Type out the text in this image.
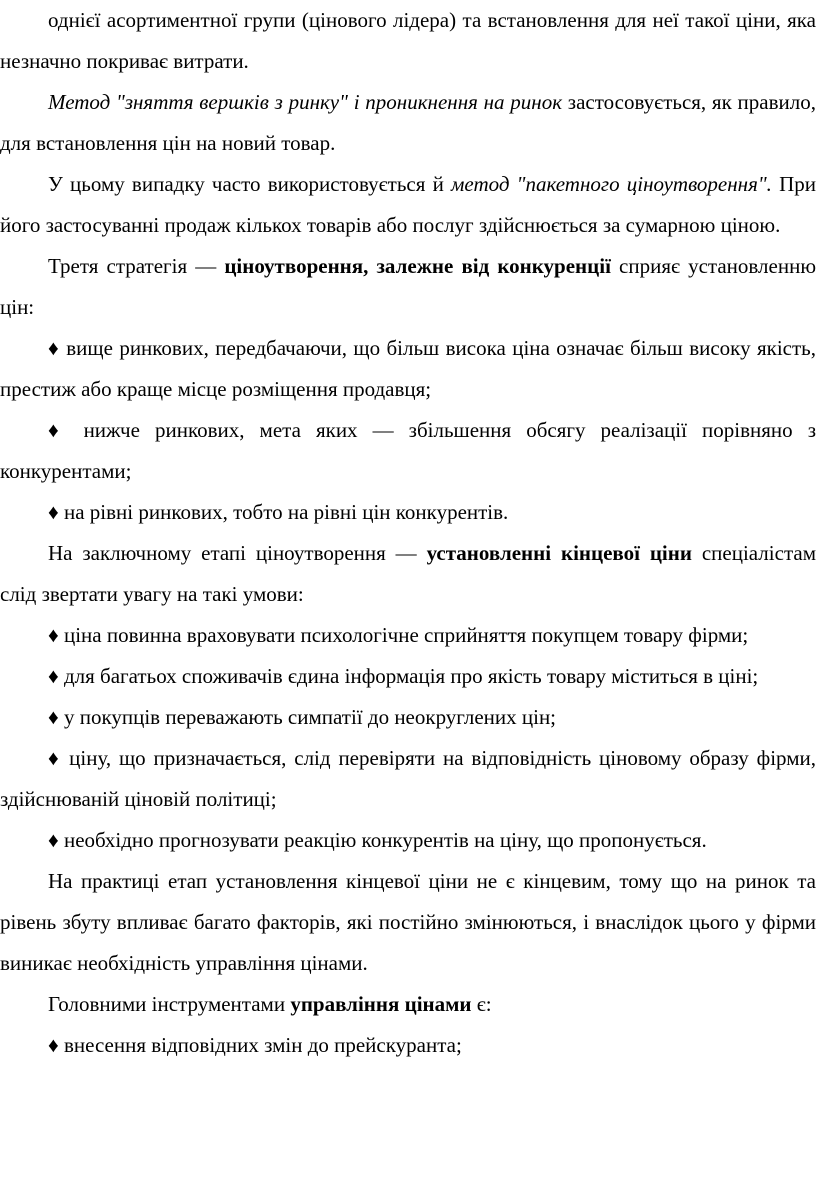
однієї асортиментної групи (цінового лідера) та встановлення для неї такої ціни, яка незначно покриває витрати.

Метод "зняття вершків з ринку" і проникнення на ринок застосовується, як правило, для встановлення цін на новий товар.

У цьому випадку часто використовується й метод "пакетного ціноутворення". При його застосуванні продаж кількох товарів або послуг здійснюється за сумарною ціною.

Третя стратегія — ціноутворення, залежне від конкуренції сприяє установленню цін:

♦ вище ринкових, передбачаючи, що більш висока ціна означає більш високу якість, престиж або краще місце розміщення продавця;

♦ нижче ринкових, мета яких — збільшення обсягу реалізації порівняно з конкурентами;

♦ на рівні ринкових, тобто на рівні цін конкурентів.

На заключному етапі ціноутворення — установленні кінцевої ціни спеціалістам слід звертати увагу на такі умови:

♦ ціна повинна враховувати психологічне сприйняття покупцем товару фірми;

♦ для багатьох споживачів єдина інформація про якість товару міститься в ціні;

♦ у покупців переважають симпатії до неокруглених цін;

♦ ціну, що призначається, слід перевіряти на відповідність ціновому образу фірми, здійснюваній ціновій політиці;

♦ необхідно прогнозувати реакцію конкурентів на ціну, що пропонується.

На практиці етап установлення кінцевої ціни не є кінцевим, тому що на ринок та рівень збуту впливає багато факторів, які постійно змінюються, і внаслідок цього у фірми виникає необхідність управління цінами.

Головними інструментами управління цінами є:

♦ внесення відповідних змін до прейскуранта;
